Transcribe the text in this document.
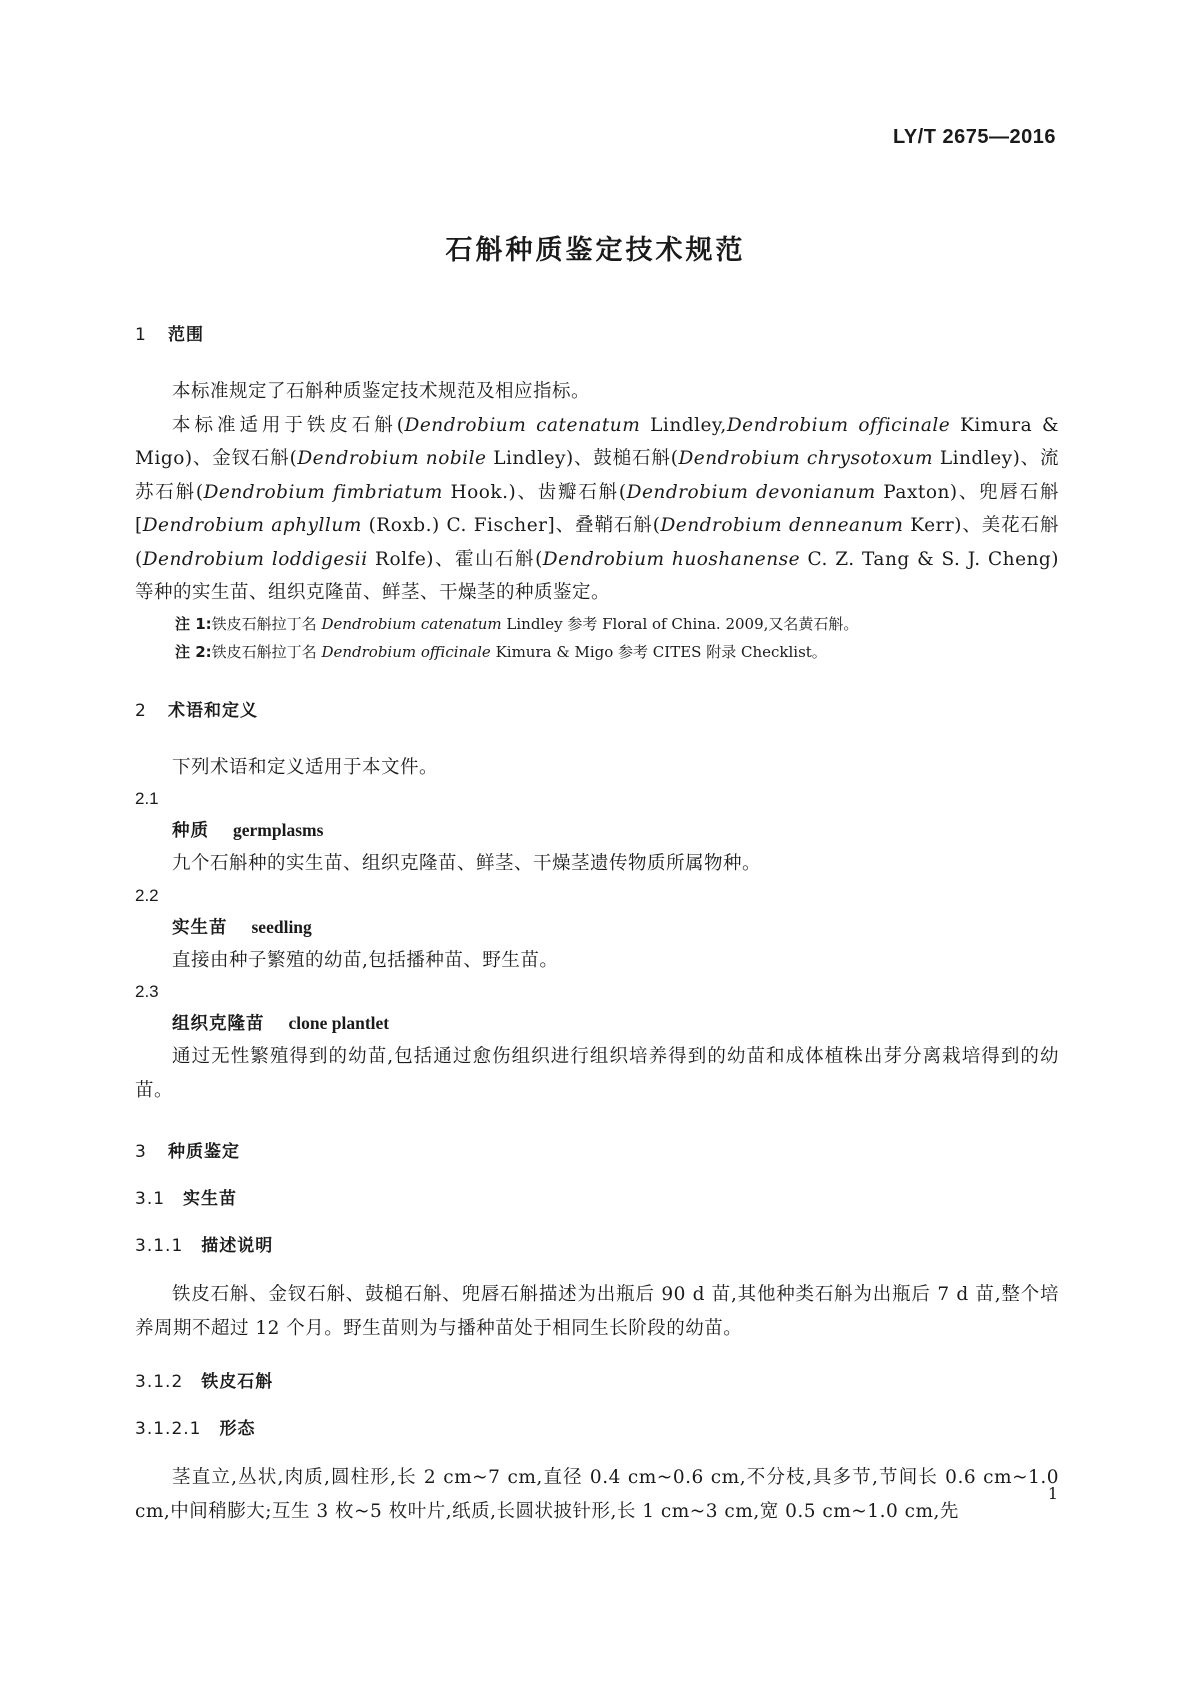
LY/T 2675—2016
石斛种质鉴定技术规范
1 范围

本标准规定了石斛种质鉴定技术规范及相应指标。

本标准适用于铁皮石斛(Dendrobium catenatum Lindley,Dendrobium officinale Kimura & Migo)、金钗石斛(Dendrobium nobile Lindley)、鼓槌石斛(Dendrobium chrysotoxum Lindley)、流苏石斛(Dendrobium fimbriatum Hook.)、齿瓣石斛(Dendrobium devonianum Paxton)、兜唇石斛[Dendrobium aphyllum (Roxb.) C. Fischer]、叠鞘石斛(Dendrobium denneanum Kerr)、美花石斛(Dendrobium loddigesii Rolfe)、霍山石斛(Dendrobium huoshanense C. Z. Tang & S. J. Cheng)等种的实生苗、组织克隆苗、鲜茎、干燥茎的种质鉴定。

注 1:铁皮石斛拉丁名 Dendrobium catenatum Lindley 参考 Floral of China. 2009,又名黄石斛。

注 2:铁皮石斛拉丁名 Dendrobium officinale Kimura & Migo 参考 CITES 附录 Checklist。

2 术语和定义

下列术语和定义适用于本文件。

2.1
种质 germplasms

九个石斛种的实生苗、组织克隆苗、鲜茎、干燥茎遗传物质所属物种。

2.2
实生苗 seedling

直接由种子繁殖的幼苗,包括播种苗、野生苗。

2.3
组织克隆苗 clone plantlet

通过无性繁殖得到的幼苗,包括通过愈伤组织进行组织培养得到的幼苗和成体植株出芽分离栽培得到的幼苗。

3 种质鉴定
3.1 实生苗
3.1.1 描述说明

铁皮石斛、金钗石斛、鼓槌石斛、兜唇石斛描述为出瓶后 90 d 苗,其他种类石斛为出瓶后 7 d 苗,整个培养周期不超过 12 个月。野生苗则为与播种苗处于相同生长阶段的幼苗。

3.1.2 铁皮石斛
3.1.2.1 形态

茎直立,丛状,肉质,圆柱形,长 2 cm~7 cm,直径 0.4 cm~0.6 cm,不分枝,具多节,节间长 0.6 cm~1.0 cm,中间稍膨大;互生 3 枚~5 枚叶片,纸质,长圆状披针形,长 1 cm~3 cm,宽 0.5 cm~1.0 cm,先

1
